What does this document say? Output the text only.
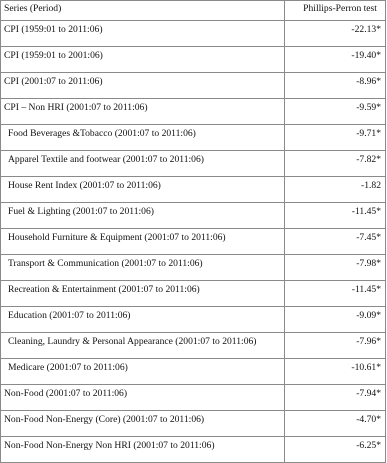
Series (Period)	Phillips-Perron test
CPI (1959:01 to 2011:06)	-22.13*
CPI (1959:01 to 2001:06)	-19.40*
CPI (2001:07 to 2011:06)	-8.96*
CPI – Non HRI (2001:07 to 2011:06)	-9.59*
Food Beverages &Tobacco (2001:07 to 2011:06)	-9.71*
Apparel Textile and footwear (2001:07 to 2011:06)	-7.82*
House Rent Index (2001:07 to 2011:06)	-1.82
Fuel & Lighting (2001:07 to 2011:06)	-11.45*
Household Furniture & Equipment (2001:07 to 2011:06)	-7.45*
Transport & Communication (2001:07 to 2011:06)	-7.98*
Recreation & Entertainment (2001:07 to 2011:06)	-11.45*
Education (2001:07 to 2011:06)	-9.09*
Cleaning, Laundry & Personal Appearance (2001:07 to 2011:06)	-7.96*
Medicare (2001:07 to 2011:06)	-10.61*
Non-Food (2001:07 to 2011:06)	-7.94*
Non-Food Non-Energy (Core) (2001:07 to 2011:06)	-4.70*
Non-Food Non-Energy Non HRI (2001:07 to 2011:06)	-6.25*
